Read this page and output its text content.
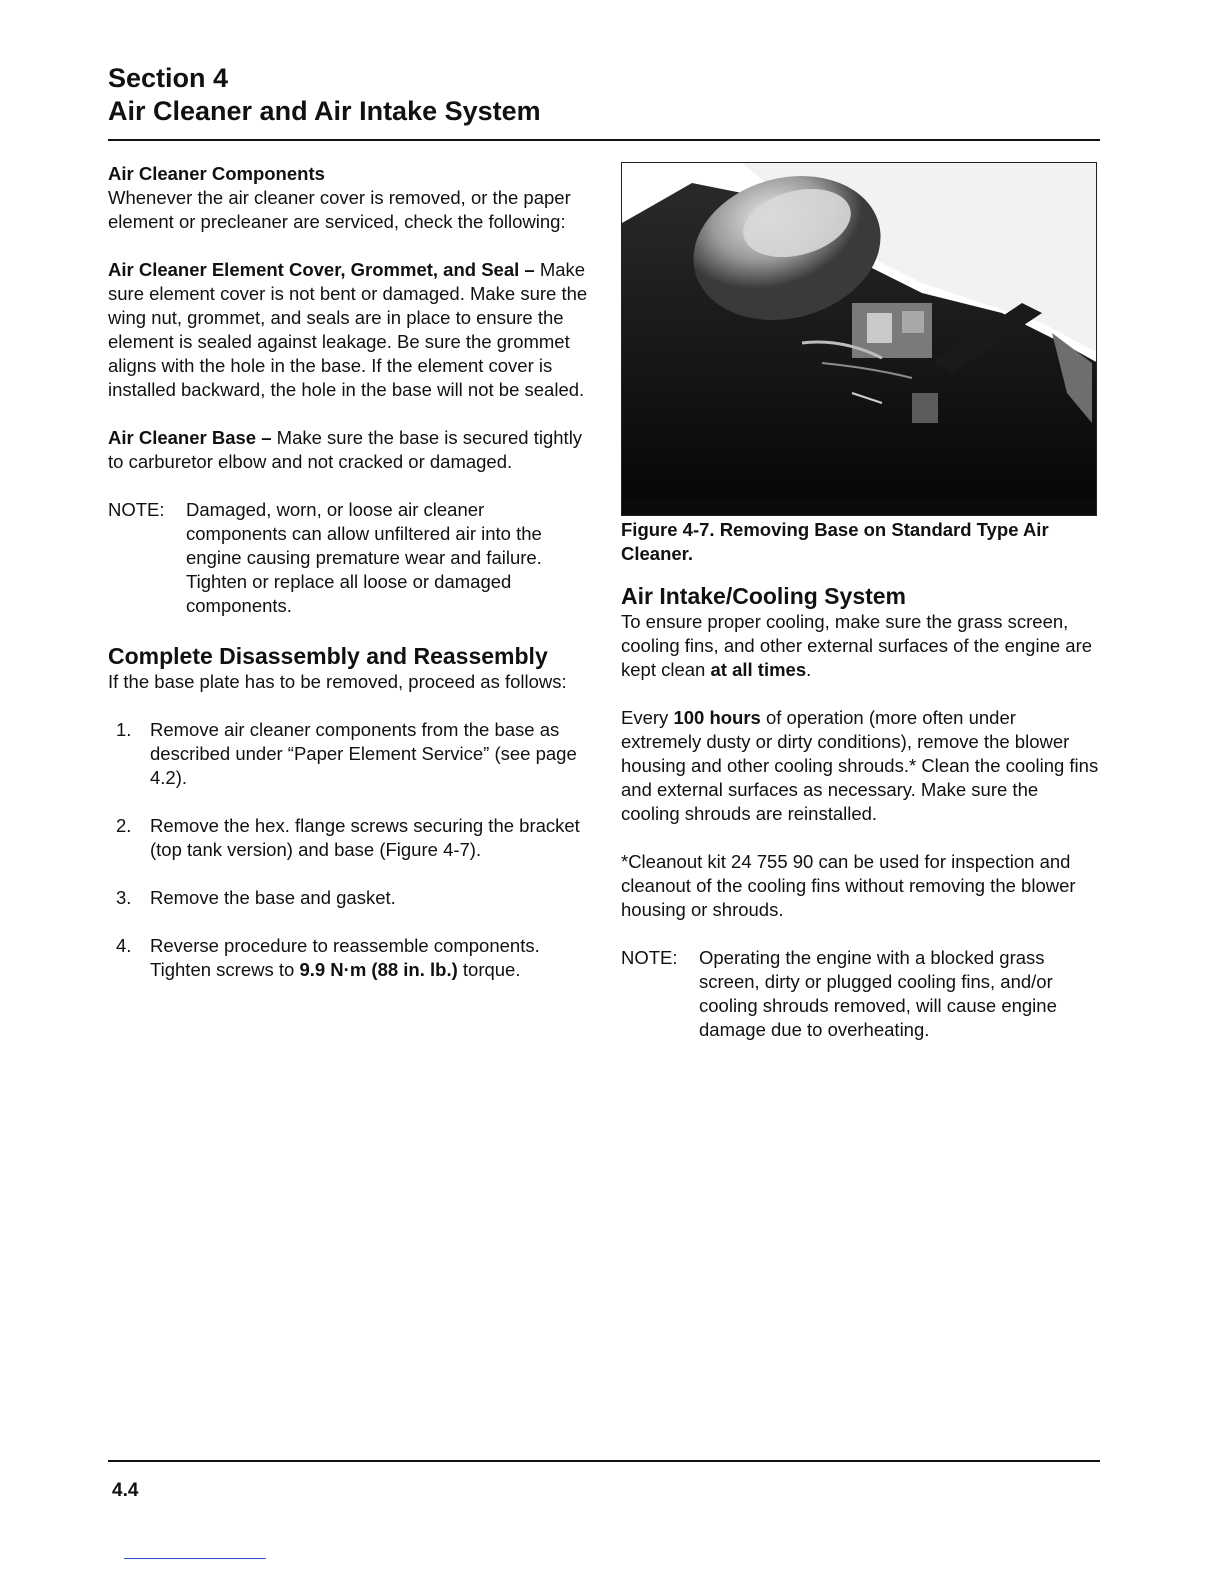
Section 4

Air Cleaner and Air Intake System

Air Cleaner Components

Whenever the air cleaner cover is removed, or the paper element or precleaner are serviced, check the following:

Air Cleaner Element Cover, Grommet, and Seal – Make sure element cover is not bent or damaged. Make sure the wing nut, grommet, and seals are in place to ensure the element is sealed against leakage. Be sure the grommet aligns with the hole in the base. If the element cover is installed backward, the hole in the base will not be sealed.

Air Cleaner Base – Make sure the base is secured tightly to carburetor elbow and not cracked or damaged.

NOTE:	Damaged, worn, or loose air cleaner components can allow unfiltered air into the engine causing premature wear and failure. Tighten or replace all loose or damaged components.

Complete Disassembly and Reassembly

If the base plate has to be removed, proceed as follows:

1.	Remove air cleaner components from the base as described under “Paper Element Service” (see page 4.2).
2.	Remove the hex. flange screws securing the bracket (top tank version) and base (Figure 4-7).
3.	Remove the base and gasket.
4.	Reverse procedure to reassemble components. Tighten screws to 9.9 N·m (88 in. lb.) torque.

Figure 4-7. Removing Base on Standard Type Air Cleaner.

Air Intake/Cooling System

To ensure proper cooling, make sure the grass screen, cooling fins, and other external surfaces of the engine are kept clean at all times.

Every 100 hours of operation (more often under extremely dusty or dirty conditions), remove the blower housing and other cooling shrouds.* Clean the cooling fins and external surfaces as necessary. Make sure the cooling shrouds are reinstalled.

*Cleanout kit 24 755 90 can be used for inspection and cleanout of the cooling fins without removing the blower housing or shrouds.

NOTE:	Operating the engine with a blocked grass screen, dirty or plugged cooling fins, and/or cooling shrouds removed, will cause engine damage due to overheating.
4.4
